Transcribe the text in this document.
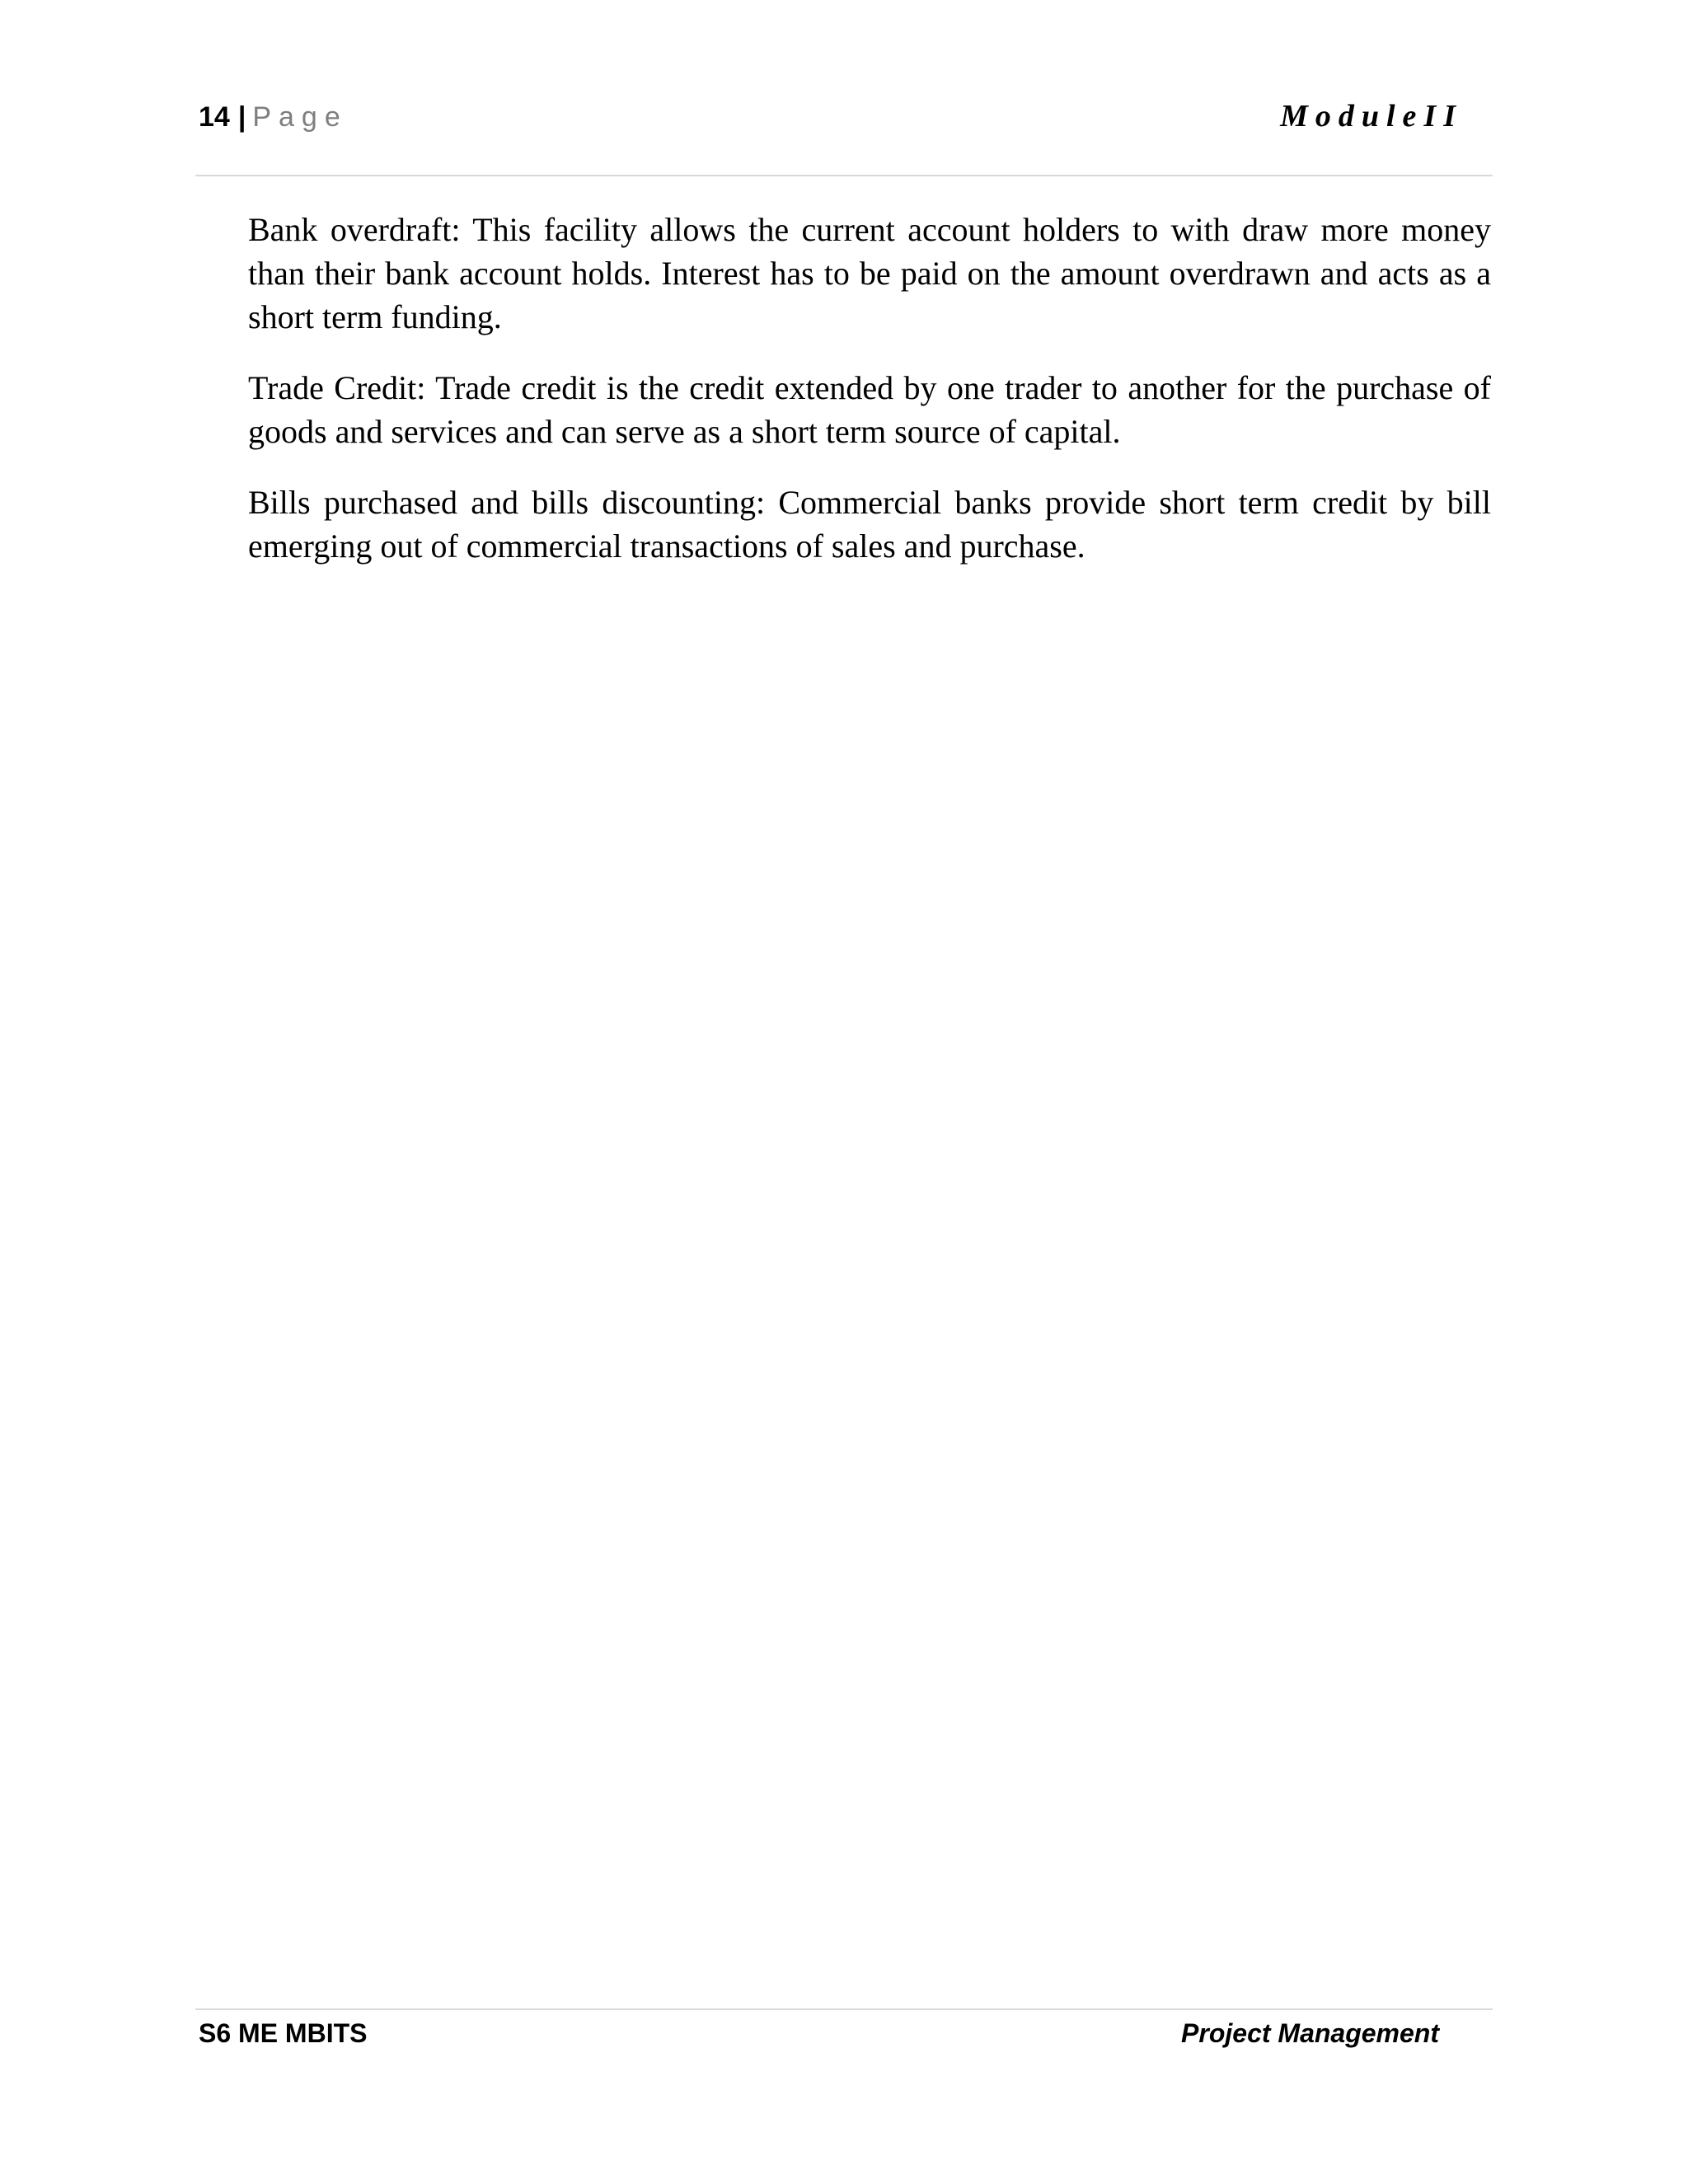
14 | Page	ModuleII

Bank overdraft: This facility allows the current account holders to with draw more money than their bank account holds. Interest has to be paid on the amount overdrawn and acts as a short term funding.

Trade Credit: Trade credit is the credit extended by one trader to another for the purchase of goods and services and can serve as a short term source of capital.

Bills purchased and bills discounting: Commercial banks provide short term credit by bill emerging out of commercial transactions of sales and purchase.

S6 ME MBITS	Project Management
